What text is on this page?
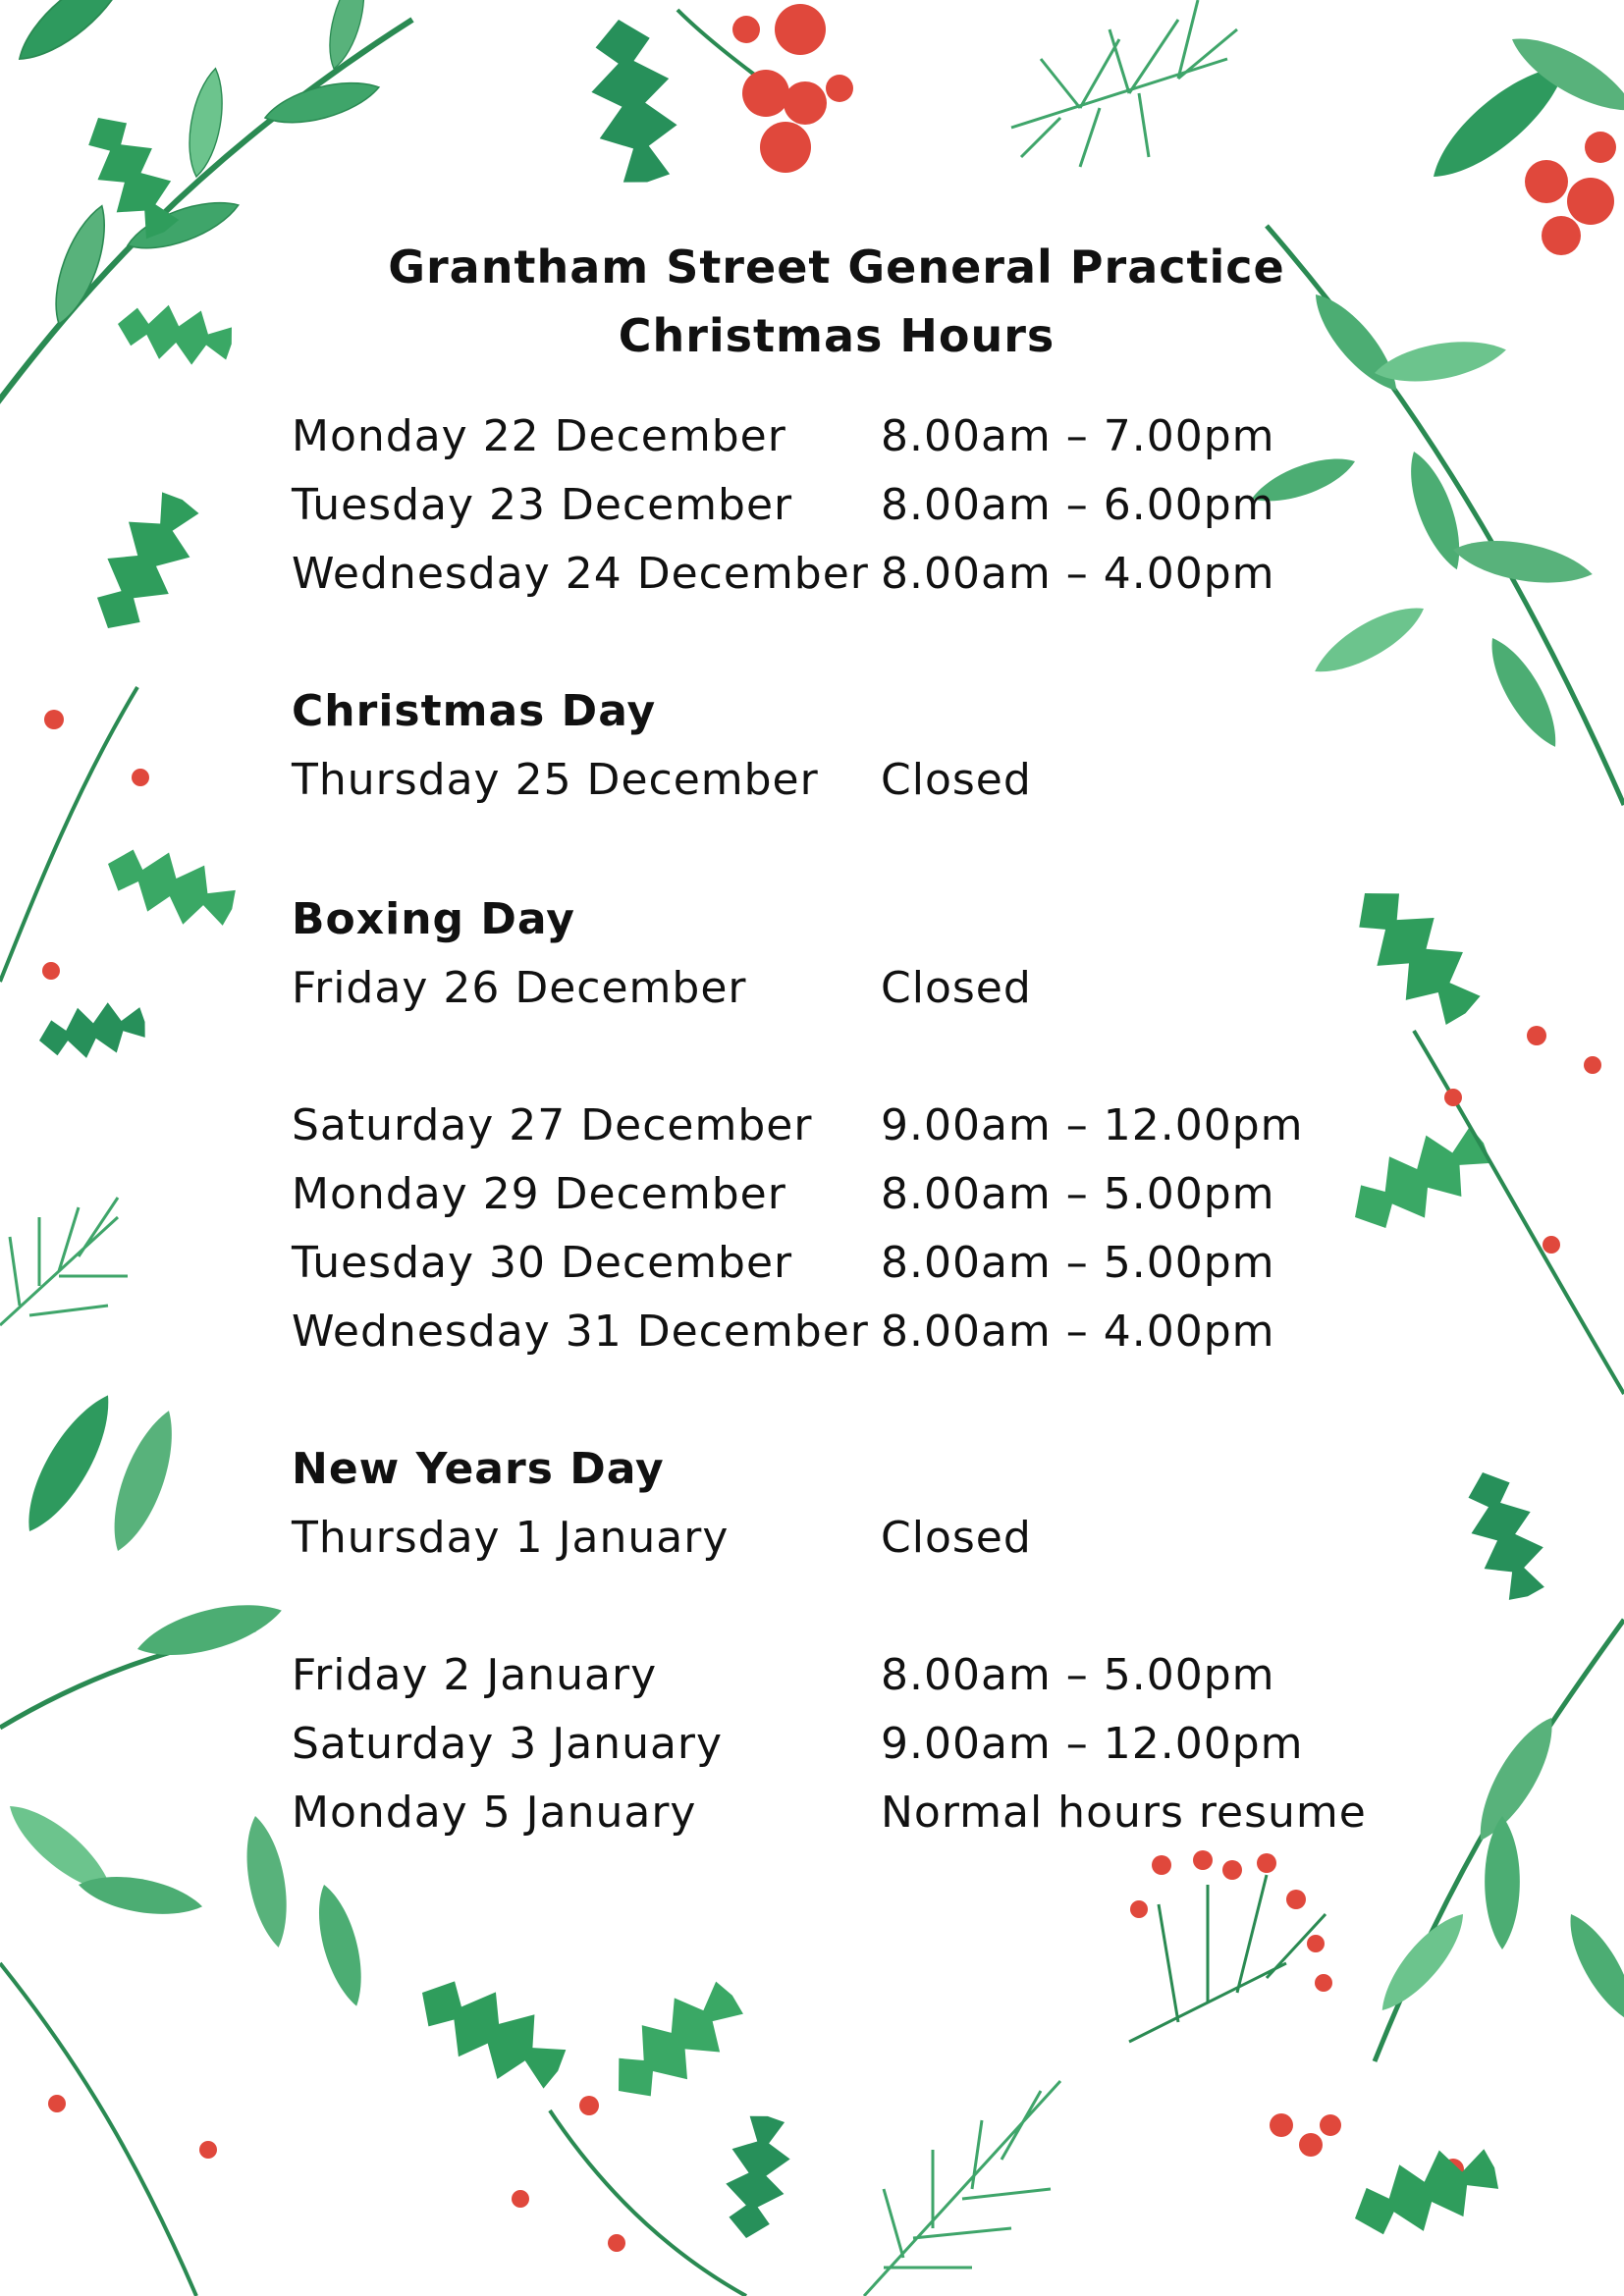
Grantham Street General Practice
Christmas Hours
Monday 22 December	8.00am – 7.00pm
Tuesday 23 December	8.00am – 6.00pm
Wednesday 24 December 8.00am – 4.00pm
Christmas Day
Thursday 25 December	Closed
Boxing Day
Friday 26 December	Closed
Saturday 27 December	9.00am – 12.00pm
Monday 29 December	8.00am – 5.00pm
Tuesday 30 December	8.00am – 5.00pm
Wednesday 31 December 8.00am – 4.00pm
New Years Day
Thursday 1 January	Closed
Friday 2 January	8.00am – 5.00pm
Saturday 3 January	9.00am – 12.00pm
Monday 5 January	Normal hours resume
